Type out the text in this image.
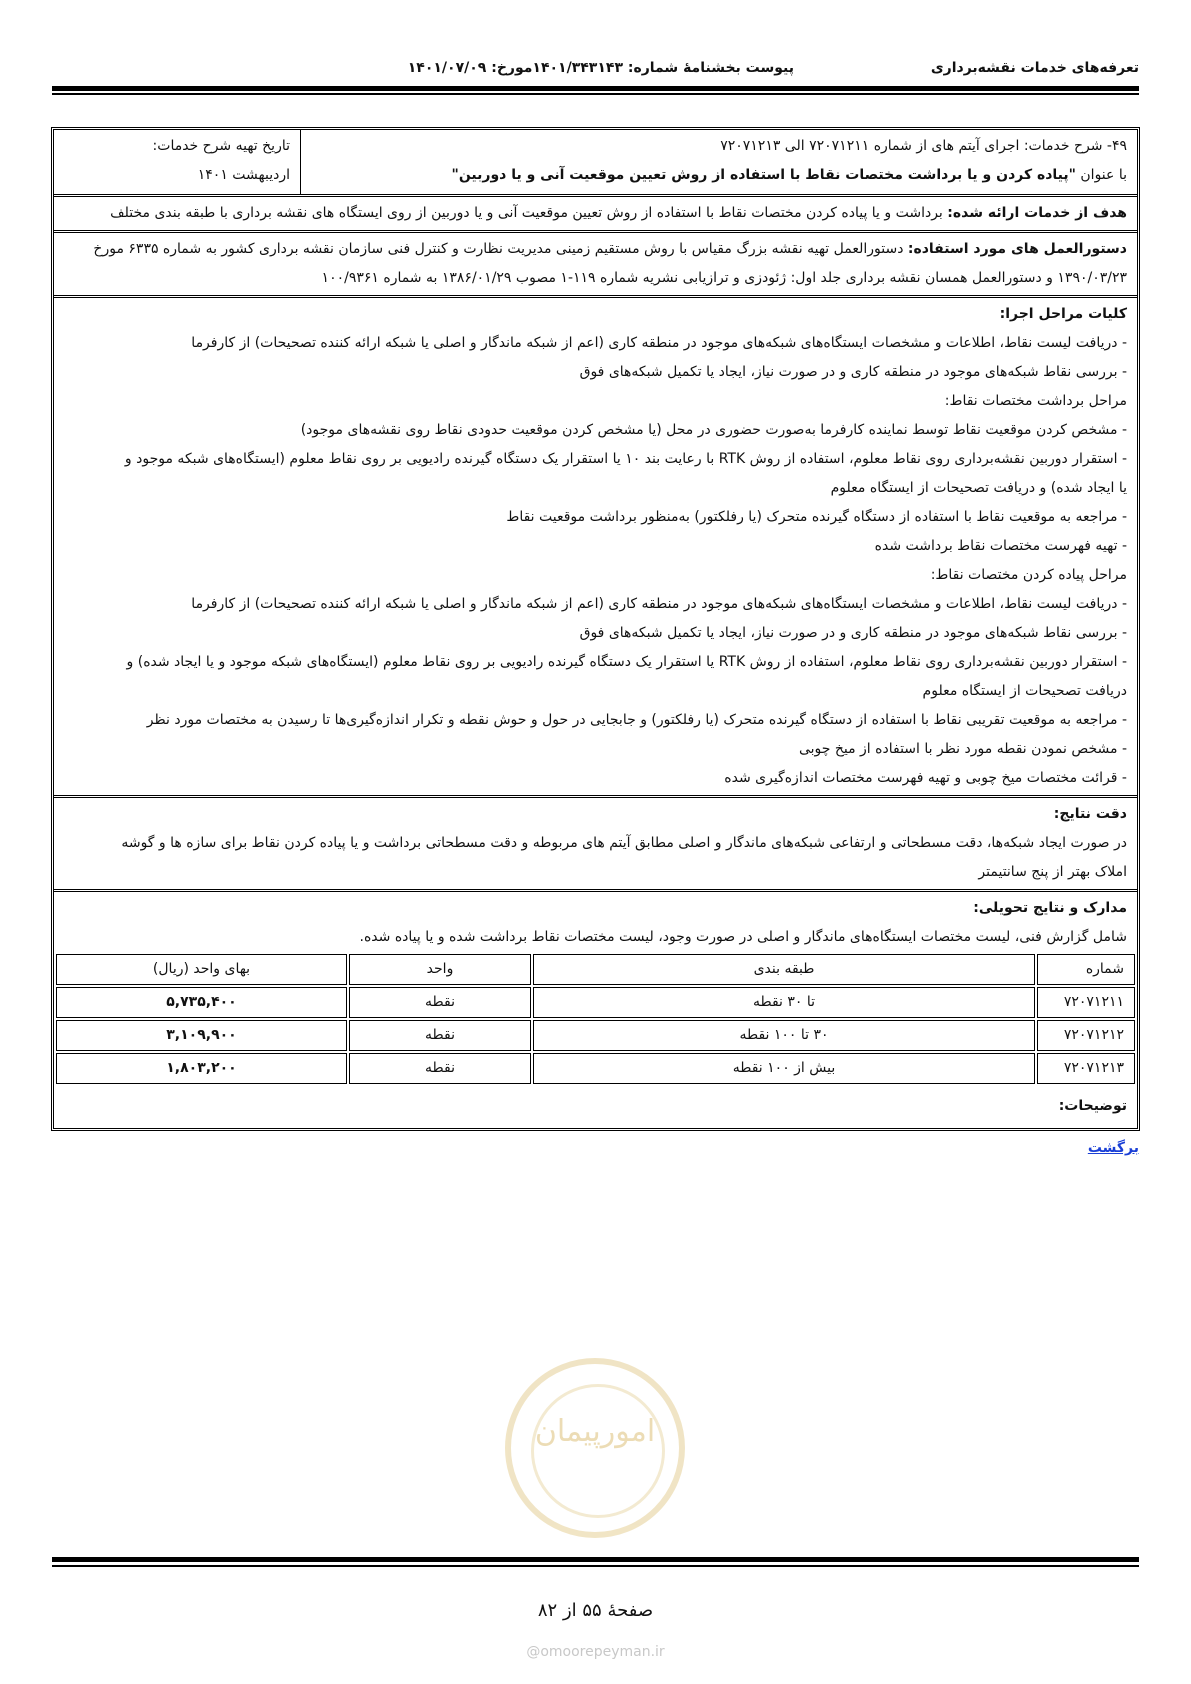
تعرفه‌های خدمات نقشه‌برداری
پیوست بخشنامۀ شماره: ۱۴۰۱/۳۴۳۱۴۳مورخ: ۱۴۰۱/۰۷/۰۹
۴۹- شرح خدمات: اجرای آیتم های از شماره ۷۲۰۷۱۲۱۱ الی ۷۲۰۷۱۲۱۳
با عنوان "پیاده کردن و یا برداشت مختصات نقاط با استفاده از روش تعیین موقعیت آنی و یا دوربین"
تاریخ تهیه شرح خدمات:
اردیبهشت ۱۴۰۱
هدف از خدمات ارائه شده: برداشت و یا پیاده کردن مختصات نقاط با استفاده از روش تعیین موقعیت آنی و یا دوربین از روی ایستگاه های نقشه برداری با طبقه بندی مختلف
دستورالعمل های مورد استفاده: دستورالعمل تهیه نقشه بزرگ مقیاس با روش مستقیم زمینی مدیریت نظارت و کنترل فنی سازمان نقشه برداری کشور به شماره ۶۳۳۵ مورخ
۱۳۹۰/۰۳/۲۳ و دستورالعمل همسان نقشه برداری جلد اول: ژئودزی و ترازیابی نشریه شماره ۱۱۹-۱ مصوب ۱۳۸۶/۰۱/۲۹ به شماره ۱۰۰/۹۳۶۱
کلیات مراحل اجرا:
- دریافت لیست نقاط، اطلاعات و مشخصات ایستگاه‌های شبکه‌های موجود در منطقه کاری (اعم از شبکه ماندگار و اصلی یا شبکه ارائه کننده تصحیحات) از کارفرما
- بررسی نقاط شبکه‌های موجود در منطقه کاری و در صورت نیاز، ایجاد یا تکمیل شبکه‌های فوق
مراحل برداشت مختصات نقاط:
- مشخص کردن موقعیت نقاط توسط نماینده کارفرما به‌صورت حضوری در محل (یا مشخص کردن موقعیت حدودی نقاط روی نقشه‌های موجود)
- استقرار دوربین نقشه‌برداری روی نقاط معلوم، استفاده از روش RTK با رعایت بند ۱۰ یا استقرار یک دستگاه گیرنده رادیویی بر روی نقاط معلوم (ایستگاه‌های شبکه موجود و
یا ایجاد شده) و دریافت تصحیحات از ایستگاه معلوم
- مراجعه به موقعیت نقاط با استفاده از دستگاه گیرنده متحرک (یا رفلکتور) به‌منظور برداشت موقعیت نقاط
- تهیه فهرست مختصات نقاط برداشت شده
مراحل پیاده کردن مختصات نقاط:
- دریافت لیست نقاط، اطلاعات و مشخصات ایستگاه‌های شبکه‌های موجود در منطقه کاری (اعم از شبکه ماندگار و اصلی یا شبکه ارائه کننده تصحیحات) از کارفرما
- بررسی نقاط شبکه‌های موجود در منطقه کاری و در صورت نیاز، ایجاد یا تکمیل شبکه‌های فوق
- استقرار دوربین نقشه‌برداری روی نقاط معلوم، استفاده از روش RTK یا استقرار یک دستگاه گیرنده رادیویی بر روی نقاط معلوم (ایستگاه‌های شبکه موجود و یا ایجاد شده) و
دریافت تصحیحات از ایستگاه معلوم
- مراجعه به موقعیت تقریبی نقاط با استفاده از دستگاه گیرنده متحرک (یا رفلکتور) و جابجایی در حول و حوش نقطه و تکرار اندازه‌گیری‌ها تا رسیدن به مختصات مورد نظر
- مشخص نمودن نقطه مورد نظر با استفاده از میخ چوبی
- قرائت مختصات میخ چوبی و تهیه فهرست مختصات اندازه‌گیری شده
دقت نتایج:
در صورت ایجاد شبکه‌ها، دقت مسطحاتی و ارتفاعی شبکه‌های ماندگار و اصلی مطابق آیتم های مربوطه و دقت مسطحاتی برداشت و یا پیاده کردن نقاط برای سازه ها و گوشه
املاک بهتر از پنج سانتیمتر
مدارک و نتایج تحویلی:
شامل گزارش فنی، لیست مختصات ایستگاه‌های ماندگار و اصلی در صورت وجود، لیست مختصات نقاط برداشت شده و یا پیاده شده.
شماره	طبقه بندی	واحد	بهای واحد (ریال)
۷۲۰۷۱۲۱۱	تا ۳۰ نقطه	نقطه	۵,۷۳۵,۴۰۰
۷۲۰۷۱۲۱۲	۳۰ تا ۱۰۰ نقطه	نقطه	۳,۱۰۹,۹۰۰
۷۲۰۷۱۲۱۳	بیش از ۱۰۰ نقطه	نقطه	۱,۸۰۳,۲۰۰
توضیحات:
برگشت
امورپیمان
صفحۀ ۵۵ از ۸۲
@omoorepeyman.ir
